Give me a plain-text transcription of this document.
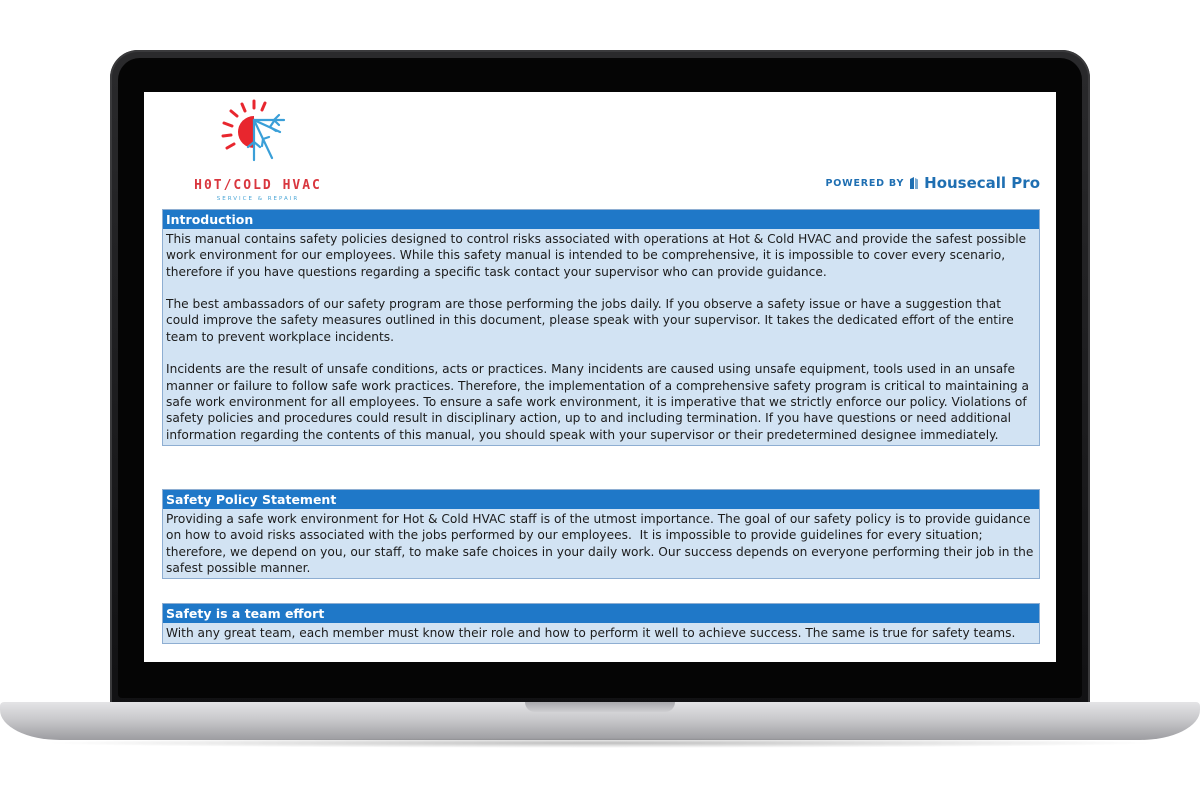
H0T/COLD HVAC
SERVICE & REPAIR
POWERED BY Housecall Pro
Introduction

This manual contains safety policies designed to control risks associated with operations at Hot & Cold HVAC and provide the safest possible work environment for our employees. While this safety manual is intended to be comprehensive, it is impossible to cover every scenario, therefore if you have questions regarding a specific task contact your supervisor who can provide guidance.

The best ambassadors of our safety program are those performing the jobs daily. If you observe a safety issue or have a suggestion that could improve the safety measures outlined in this document, please speak with your supervisor. It takes the dedicated effort of the entire team to prevent workplace incidents.

Incidents are the result of unsafe conditions, acts or practices. Many incidents are caused using unsafe equipment, tools used in an unsafe manner or failure to follow safe work practices. Therefore, the implementation of a comprehensive safety program is critical to maintaining a safe work environment for all employees. To ensure a safe work environment, it is imperative that we strictly enforce our policy. Violations of safety policies and procedures could result in disciplinary action, up to and including termination. If you have questions or need additional information regarding the contents of this manual, you should speak with your supervisor or their predetermined designee immediately.

Safety Policy Statement

Providing a safe work environment for Hot & Cold HVAC staff is of the utmost importance. The goal of our safety policy is to provide guidance on how to avoid risks associated with the jobs performed by our employees.  It is impossible to provide guidelines for every situation; therefore, we depend on you, our staff, to make safe choices in your daily work. Our success depends on everyone performing their job in the safest possible manner.

Safety is a team effort

With any great team, each member must know their role and how to perform it well to achieve success. The same is true for safety teams.
